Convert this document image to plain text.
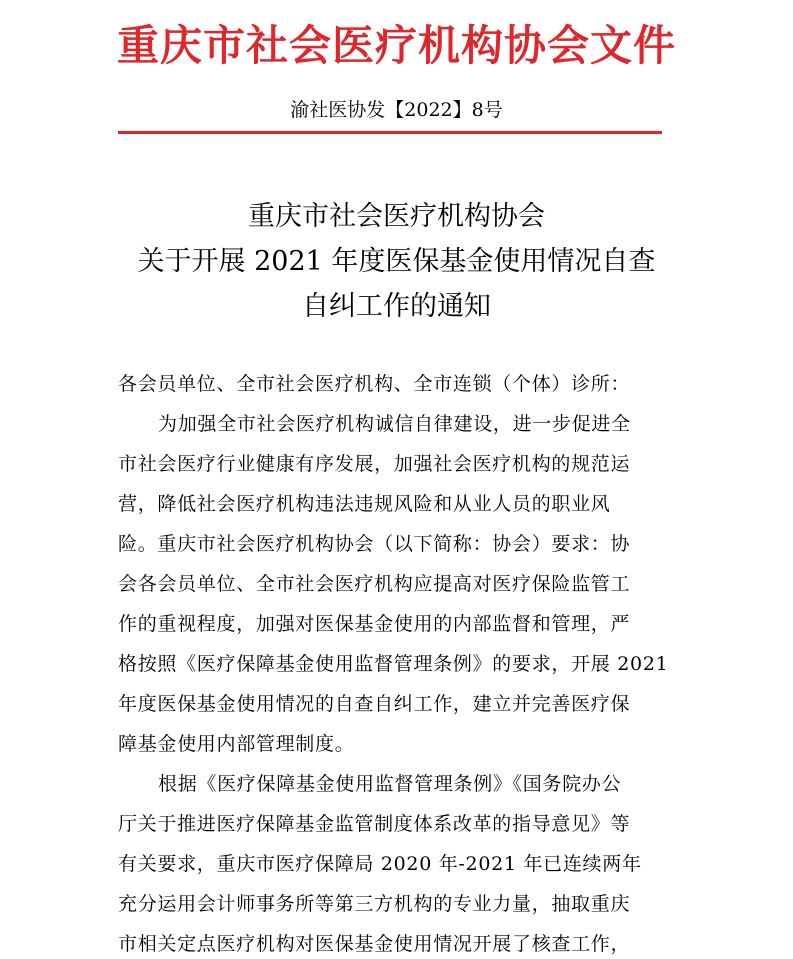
重庆市社会医疗机构协会文件
渝社医协发【2022】8号
重庆市社会医疗机构协会
关于开展 2021 年度医保基金使用情况自查
自纠工作的通知
各会员单位、全市社会医疗机构、全市连锁（个体）诊所：
为加强全市社会医疗机构诚信自律建设，进一步促进全
市社会医疗行业健康有序发展，加强社会医疗机构的规范运
营，降低社会医疗机构违法违规风险和从业人员的职业风
险。重庆市社会医疗机构协会（以下简称：协会）要求：协
会各会员单位、全市社会医疗机构应提高对医疗保险监管工
作的重视程度，加强对医保基金使用的内部监督和管理，严
格按照《医疗保障基金使用监督管理条例》的要求，开展 2021
年度医保基金使用情况的自查自纠工作，建立并完善医疗保
障基金使用内部管理制度。
根据《医疗保障基金使用监督管理条例》《国务院办公
厅关于推进医疗保障基金监管制度体系改革的指导意见》等
有关要求，重庆市医疗保障局 2020 年-2021 年已连续两年
充分运用会计师事务所等第三方机构的专业力量，抽取重庆
市相关定点医疗机构对医保基金使用情况开展了核查工作，
